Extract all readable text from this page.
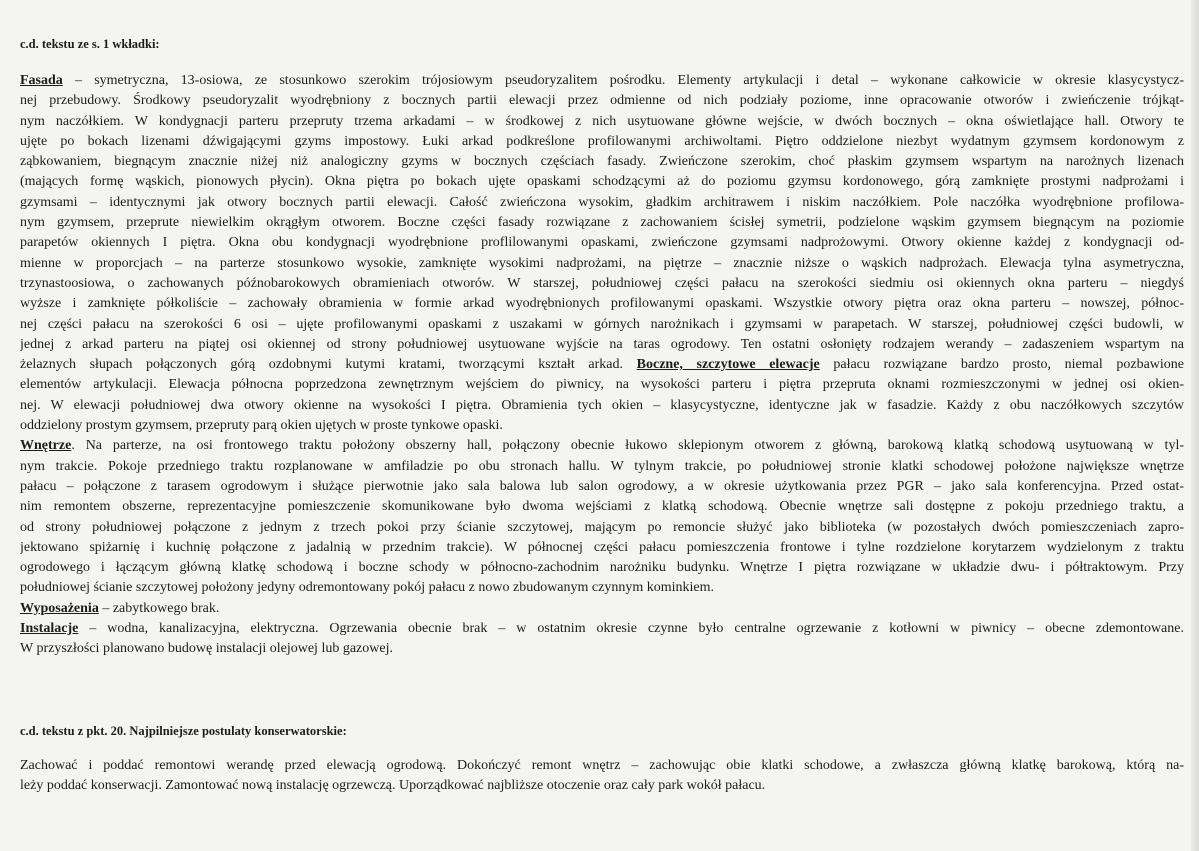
c.d. tekstu ze s. 1 wkładki:
Fasada – symetryczna, 13-osiowa, ze stosunkowo szerokim trójosiowym pseudoryzalitem pośrodku. Elementy artykulacji i detal – wykonane całkowicie w okresie klasycystycz-
nej przebudowy. Środkowy pseudoryzalit wyodrębniony z bocznych partii elewacji przez odmienne od nich podziały poziome, inne opracowanie otworów i zwieńczenie trójkąt-
nym naczółkiem. W kondygnacji parteru przepruty trzema arkadami – w środkowej z nich usytuowane główne wejście, w dwóch bocznych – okna oświetlające hall. Otwory te
ujęte po bokach lizenami dźwigającymi gzyms impostowy. Łuki arkad podkreślone profilowanymi archiwoltami. Piętro oddzielone niezbyt wydatnym gzymsem kordonowym z
ząbkowaniem, biegnącym znacznie niżej niż analogiczny gzyms w bocznych częściach fasady. Zwieńczone szerokim, choć płaskim gzymsem wspartym na narożnych lizenach
(mających formę wąskich, pionowych płycin). Okna piętra po bokach ujęte opaskami schodzącymi aż do poziomu gzymsu kordonowego, górą zamknięte prostymi nadprożami i
gzymsami – identycznymi jak otwory bocznych partii elewacji. Całość zwieńczona wysokim, gładkim architrawem i niskim naczółkiem. Pole naczółka wyodrębnione profilowa-
nym gzymsem, przeprute niewielkim okrągłym otworem. Boczne części fasady rozwiązane z zachowaniem ścisłej symetrii, podzielone wąskim gzymsem biegnącym na poziomie
parapetów okiennych I piętra. Okna obu kondygnacji wyodrębnione proflilowanymi opaskami, zwieńczone gzymsami nadprożowymi. Otwory okienne każdej z kondygnacji od-
mienne w proporcjach – na parterze stosunkowo wysokie, zamknięte wysokimi nadprożami, na piętrze – znacznie niższe o wąskich nadprożach. Elewacja tylna asymetryczna,
trzynastoosiowa, o zachowanych późnobarokowych obramieniach otworów. W starszej, południowej części pałacu na szerokości siedmiu osi okiennych okna parteru – niegdyś
wyższe i zamknięte półkoliście – zachowały obramienia w formie arkad wyodrębnionych profilowanymi opaskami. Wszystkie otwory piętra oraz okna parteru – nowszej, północ-
nej części pałacu na szerokości 6 osi – ujęte profilowanymi opaskami z uszakami w górnych narożnikach i gzymsami w parapetach. W starszej, południowej części budowli, w
jednej z arkad parteru na piątej osi okiennej od strony południowej usytuowane wyjście na taras ogrodowy. Ten ostatni osłonięty rodzajem werandy – zadaszeniem wspartym na
żelaznych słupach połączonych górą ozdobnymi kutymi kratami, tworzącymi kształt arkad. Boczne, szczytowe elewacje pałacu rozwiązane bardzo prosto, niemal pozbawione
elementów artykulacji. Elewacja północna poprzedzona zewnętrznym wejściem do piwnicy, na wysokości parteru i piętra przepruta oknami rozmieszczonymi w jednej osi okien-
nej. W elewacji południowej dwa otwory okienne na wysokości I piętra. Obramienia tych okien – klasycystyczne, identyczne jak w fasadzie. Każdy z obu naczółkowych szczytów
oddzielony prostym gzymsem, przepruty parą okien ujętych w proste tynkowe opaski.
Wnętrze. Na parterze, na osi frontowego traktu położony obszerny hall, połączony obecnie łukowo sklepionym otworem z główną, barokową klatką schodową usytuowaną w tyl-
nym trakcie. Pokoje przedniego traktu rozplanowane w amfiladzie po obu stronach hallu. W tylnym trakcie, po południowej stronie klatki schodowej położone największe wnętrze
pałacu – połączone z tarasem ogrodowym i służące pierwotnie jako sala balowa lub salon ogrodowy, a w okresie użytkowania przez PGR – jako sala konferencyjna. Przed ostat-
nim remontem obszerne, reprezentacyjne pomieszczenie skomunikowane było dwoma wejściami z klatką schodową. Obecnie wnętrze sali dostępne z pokoju przedniego traktu, a
od strony południowej połączone z jednym z trzech pokoi przy ścianie szczytowej, mającym po remoncie służyć jako biblioteka (w pozostałych dwóch pomieszczeniach zapro-
jektowano spiżarnię i kuchnię połączone z jadalnią w przednim trakcie). W północnej części pałacu pomieszczenia frontowe i tylne rozdzielone korytarzem wydzielonym z traktu
ogrodowego i łączącym główną klatkę schodową i boczne schody w północno-zachodnim narożniku budynku. Wnętrze I piętra rozwiązane w układzie dwu- i półtraktowym. Przy
południowej ścianie szczytowej położony jedyny odremontowany pokój pałacu z nowo zbudowanym czynnym kominkiem.
Wyposażenia – zabytkowego brak.
Instalacje – wodna, kanalizacyjna, elektryczna. Ogrzewania obecnie brak – w ostatnim okresie czynne było centralne ogrzewanie z kotłowni w piwnicy – obecne zdemontowane.
W przyszłości planowano budowę instalacji olejowej lub gazowej.
c.d. tekstu z pkt. 20. Najpilniejsze postulaty konserwatorskie:
Zachować i poddać remontowi werandę przed elewacją ogrodową. Dokończyć remont wnętrz – zachowując obie klatki schodowe, a zwłaszcza główną klatkę barokową, którą na-
leży poddać konserwacji. Zamontować nową instalację ogrzewczą. Uporządkować najbliższe otoczenie oraz cały park wokół pałacu.
